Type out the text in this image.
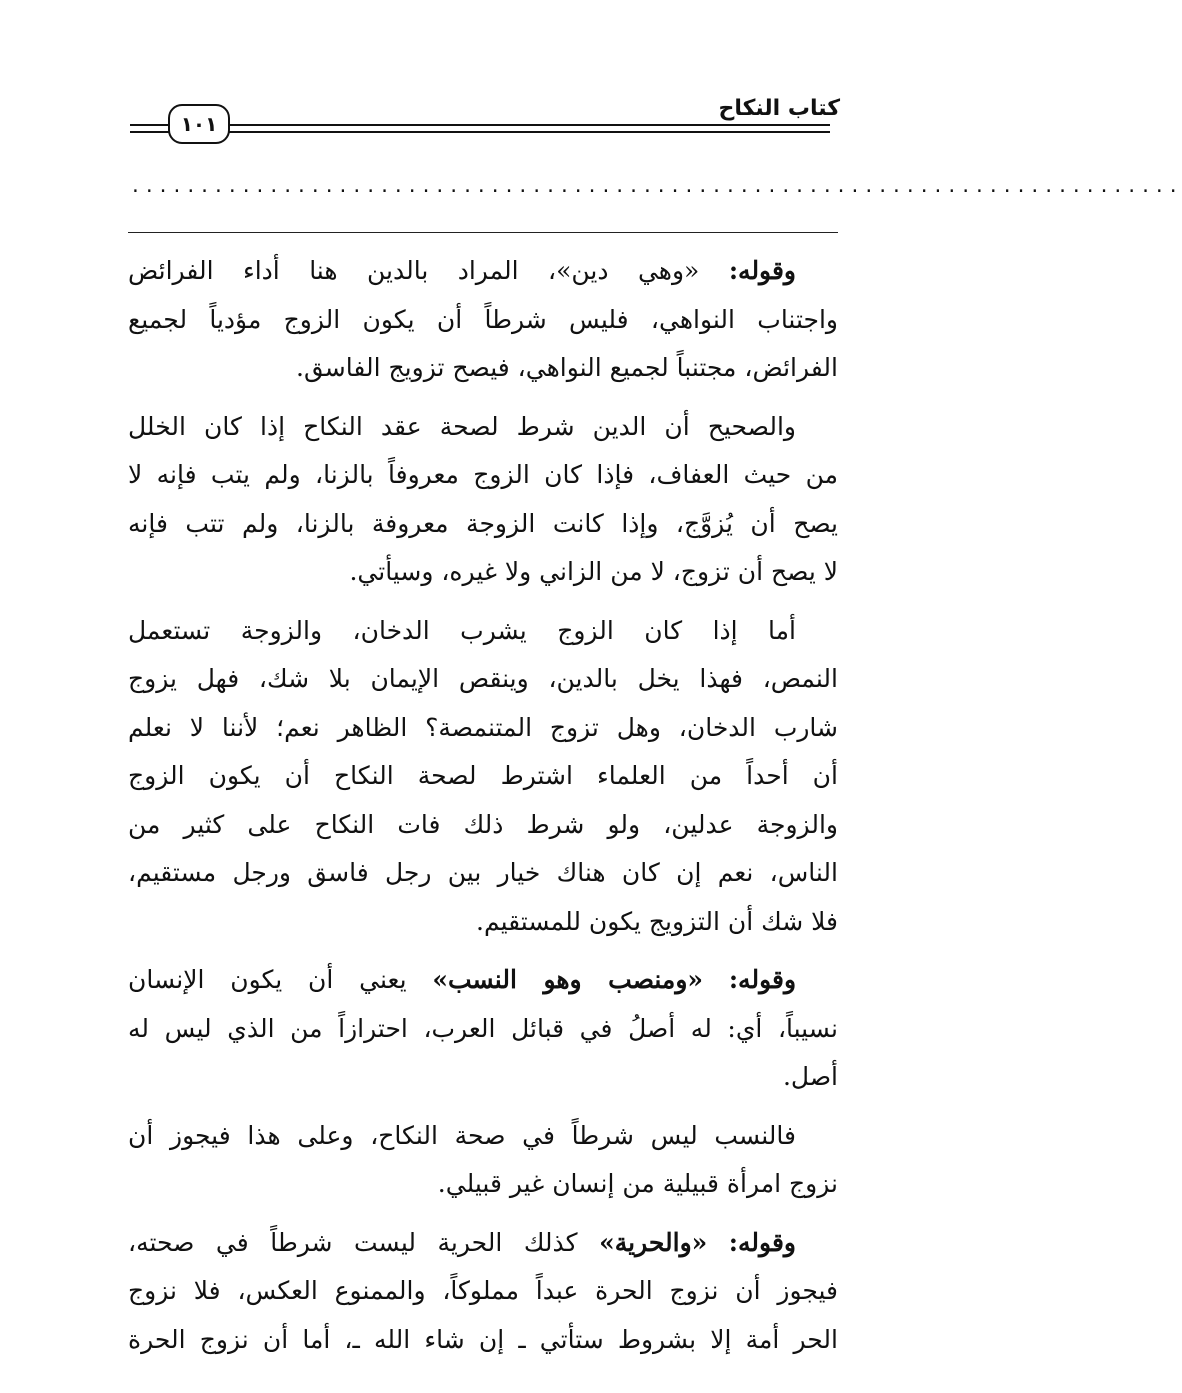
١٠١
كتاب النكاح
............................................................................
وقوله: «وهي دين»، المراد بالدين هنا أداء الفرائض
واجتناب النواهي، فليس شرطاً أن يكون الزوج مؤدياً لجميع
الفرائض، مجتنباً لجميع النواهي، فيصح تزويج الفاسق.
والصحيح أن الدين شرط لصحة عقد النكاح إذا كان الخلل
من حيث العفاف، فإذا كان الزوج معروفاً بالزنا، ولم يتب فإنه لا
يصح أن يُزوَّج، وإذا كانت الزوجة معروفة بالزنا، ولم تتب فإنه
لا يصح أن تزوج، لا من الزاني ولا غيره، وسيأتي.
أما إذا كان الزوج يشرب الدخان، والزوجة تستعمل
النمص، فهذا يخل بالدين، وينقص الإيمان بلا شك، فهل يزوج
شارب الدخان، وهل تزوج المتنمصة؟ الظاهر نعم؛ لأننا لا نعلم
أن أحداً من العلماء اشترط لصحة النكاح أن يكون الزوج
والزوجة عدلين، ولو شرط ذلك فات النكاح على كثير من
الناس، نعم إن كان هناك خيار بين رجل فاسق ورجل مستقيم،
فلا شك أن التزويج يكون للمستقيم.
وقوله: «ومنصب وهو النسب» يعني أن يكون الإنسان
نسيباً، أي: له أصلُ في قبائل العرب، احترازاً من الذي ليس له
أصل.
فالنسب ليس شرطاً في صحة النكاح، وعلى هذا فيجوز أن
نزوج امرأة قبيلية من إنسان غير قبيلي.
وقوله: «والحرية» كذلك الحرية ليست شرطاً في صحته،
فيجوز أن نزوج الحرة عبداً مملوكاً، والممنوع العكس، فلا نزوج
الحر أمة إلا بشروط ستأتي ـ إن شاء الله ـ، أما أن نزوج الحرة
